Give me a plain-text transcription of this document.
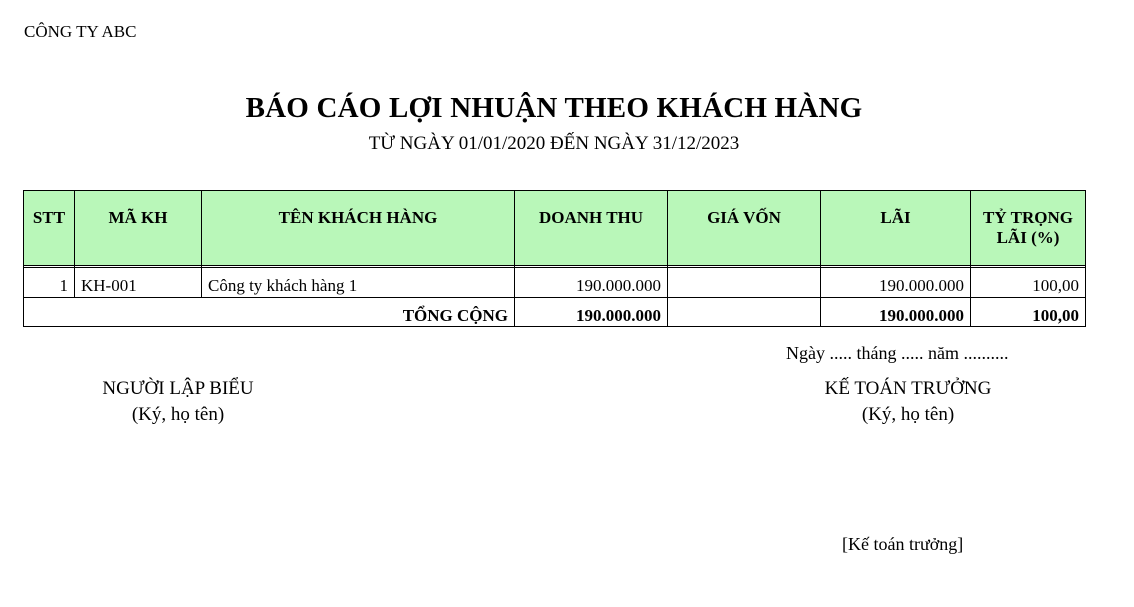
CÔNG TY ABC
BÁO CÁO LỢI NHUẬN THEO KHÁCH HÀNG
TỪ NGÀY 01/01/2020 ĐẾN NGÀY 31/12/2023
STT	MÃ KH	TÊN KHÁCH HÀNG	DOANH THU	GIÁ VỐN	LÃI	TỶ TRỌNG
LÃI (%)

1	KH-001	Công ty khách hàng 1	190.000.000		190.000.000	100,00
TỔNG CỘNG			190.000.000		190.000.000	100,00
Ngày ..... tháng ..... năm ..........
NGƯỜI LẬP BIỂU
(Ký, họ tên)
KẾ TOÁN TRƯỞNG
(Ký, họ tên)
[Kế toán trưởng]
